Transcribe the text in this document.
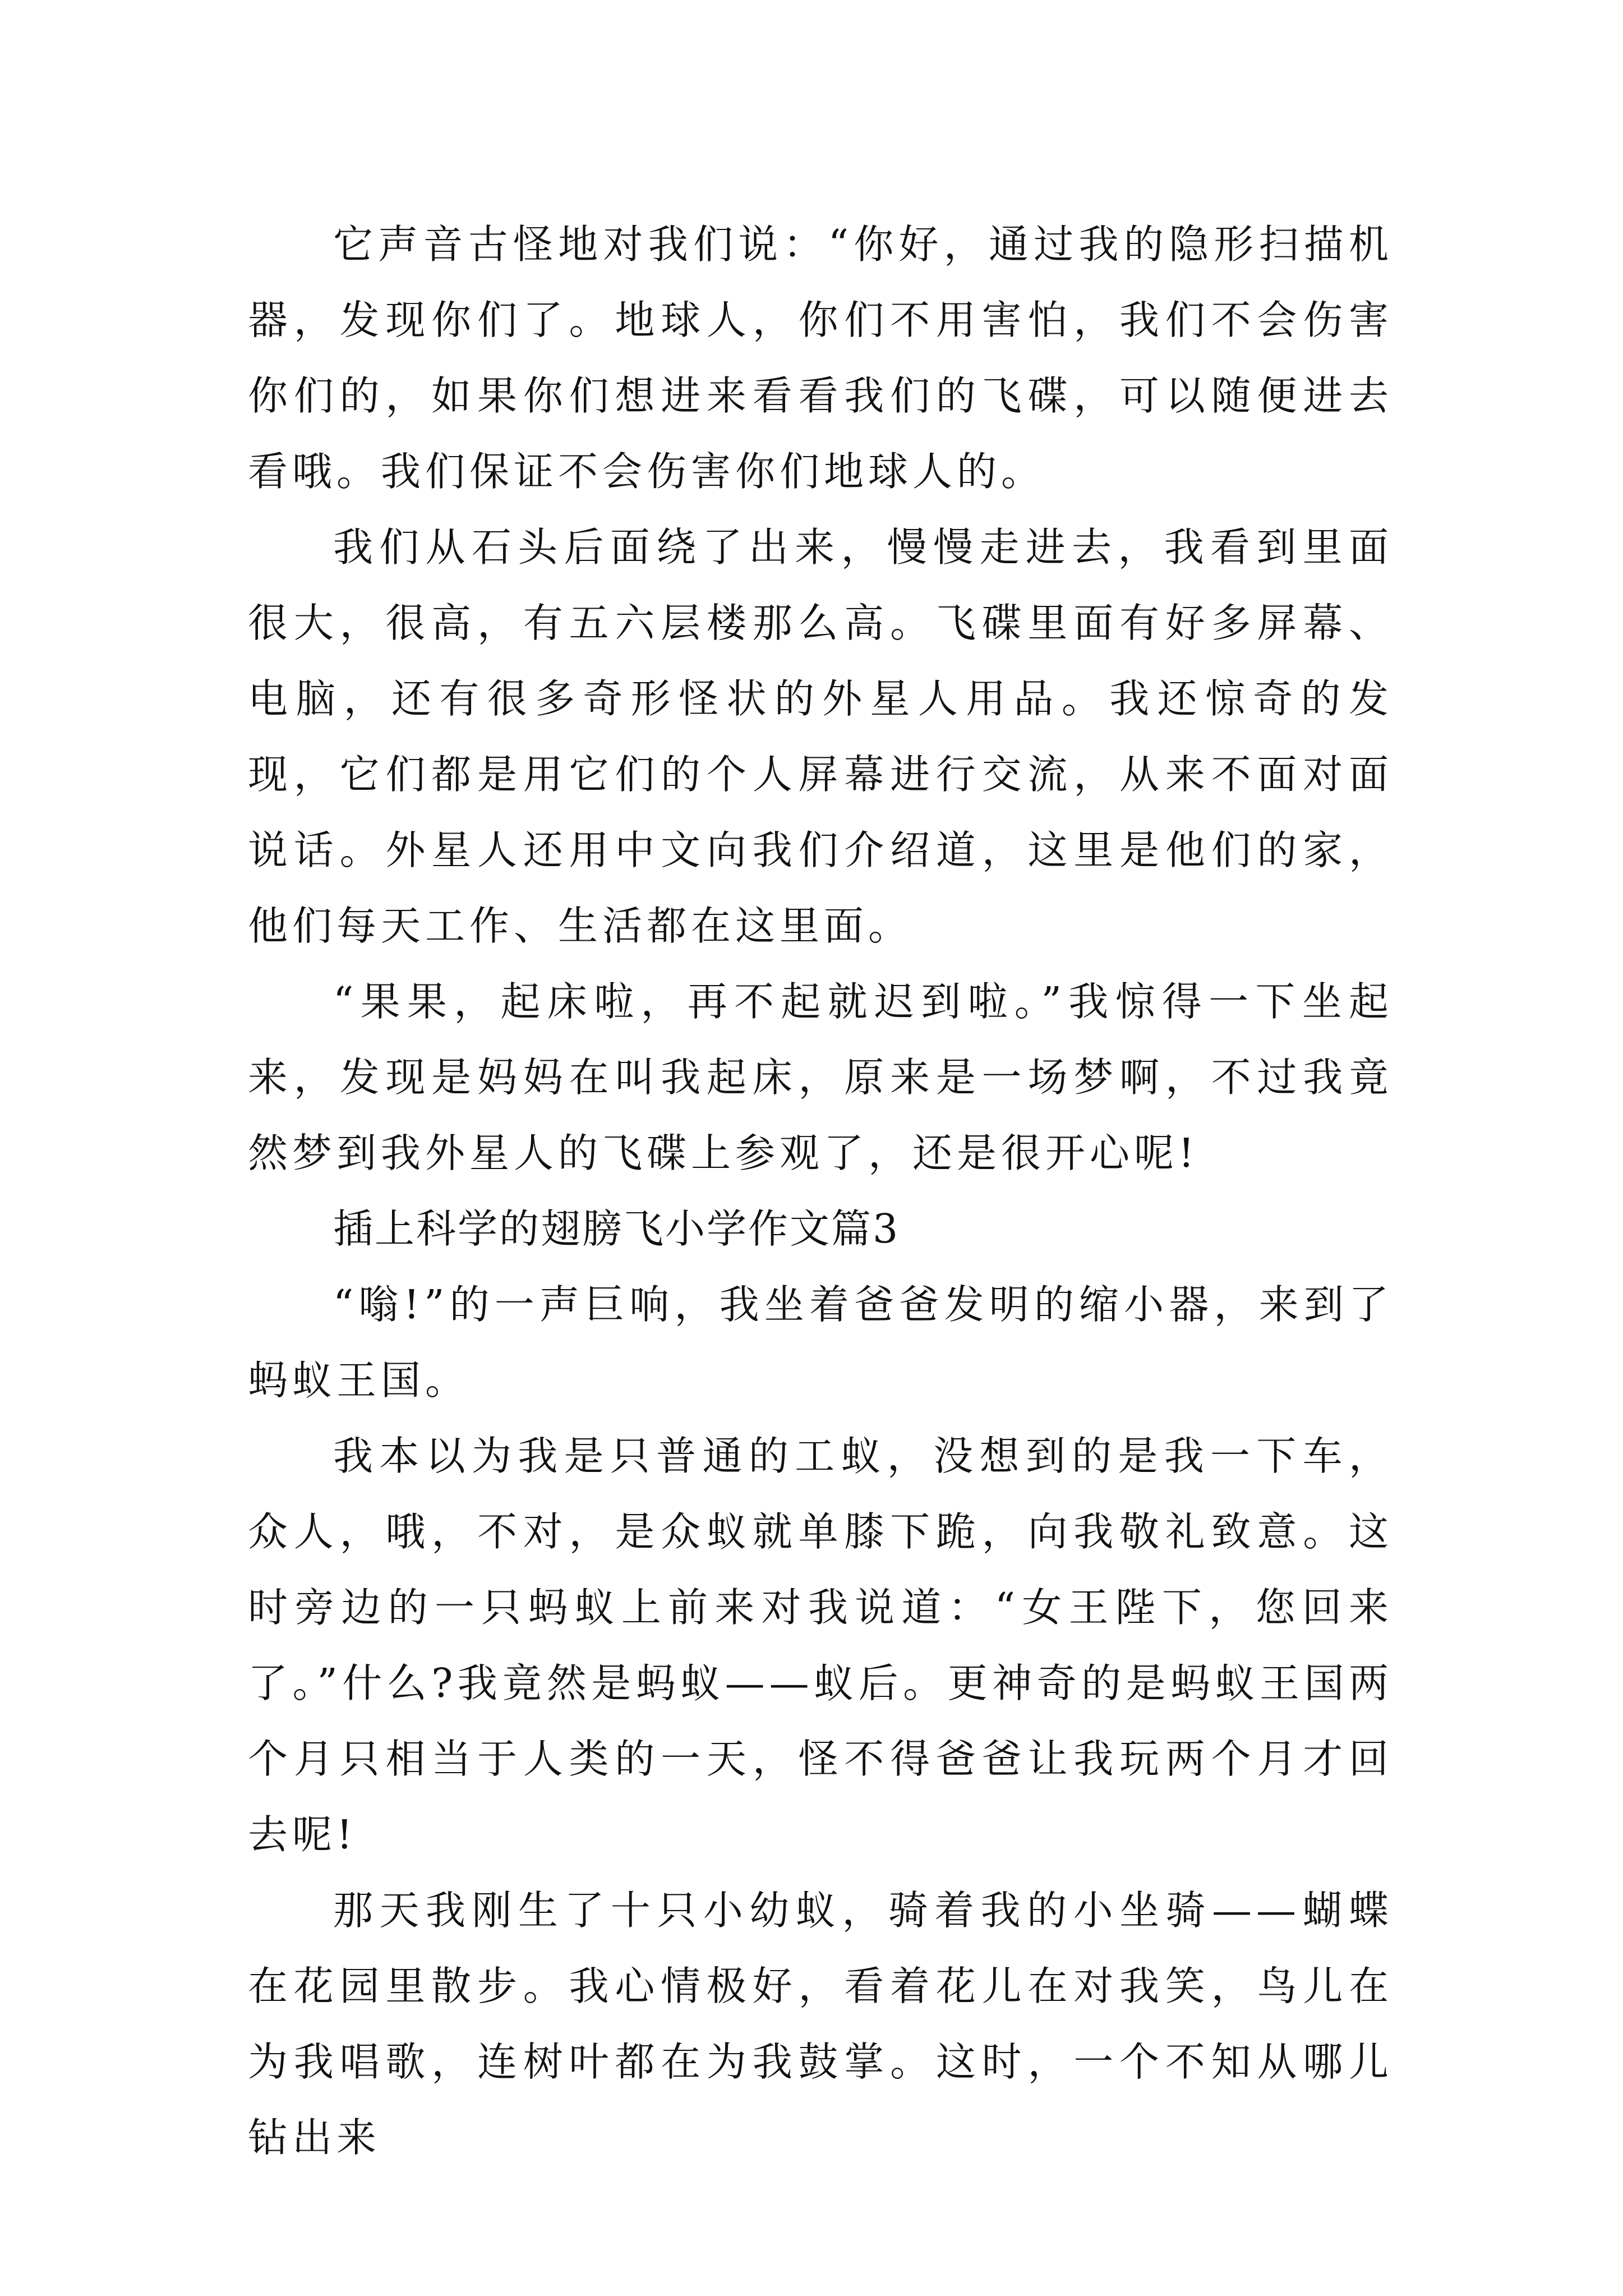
它声音古怪地对我们说：“你好，通过我的隐形扫描机器，发现你们了。地球人，你们不用害怕，我们不会伤害你们的，如果你们想进来看看我们的飞碟，可以随便进去看哦。我们保证不会伤害你们地球人的。

我们从石头后面绕了出来，慢慢走进去，我看到里面很大，很高，有五六层楼那么高。飞碟里面有好多屏幕、电脑，还有很多奇形怪状的外星人用品。我还惊奇的发现，它们都是用它们的个人屏幕进行交流，从来不面对面说话。外星人还用中文向我们介绍道，这里是他们的家，他们每天工作、生活都在这里面。

“果果，起床啦，再不起就迟到啦。”我惊得一下坐起来，发现是妈妈在叫我起床，原来是一场梦啊，不过我竟然梦到我外星人的飞碟上参观了，还是很开心呢!

插上科学的翅膀飞小学作文篇3

“嗡!”的一声巨响，我坐着爸爸发明的缩小器，来到了蚂蚁王国。

我本以为我是只普通的工蚁，没想到的是我一下车，众人，哦，不对，是众蚁就单膝下跪，向我敬礼致意。这时旁边的一只蚂蚁上前来对我说道：“女王陛下，您回来了。”什么?我竟然是蚂蚁——蚁后。更神奇的是蚂蚁王国两个月只相当于人类的一天，怪不得爸爸让我玩两个月才回去呢!

那天我刚生了十只小幼蚁，骑着我的小坐骑——蝴蝶在花园里散步。我心情极好，看着花儿在对我笑，鸟儿在为我唱歌，连树叶都在为我鼓掌。这时，一个不知从哪儿钻出来
